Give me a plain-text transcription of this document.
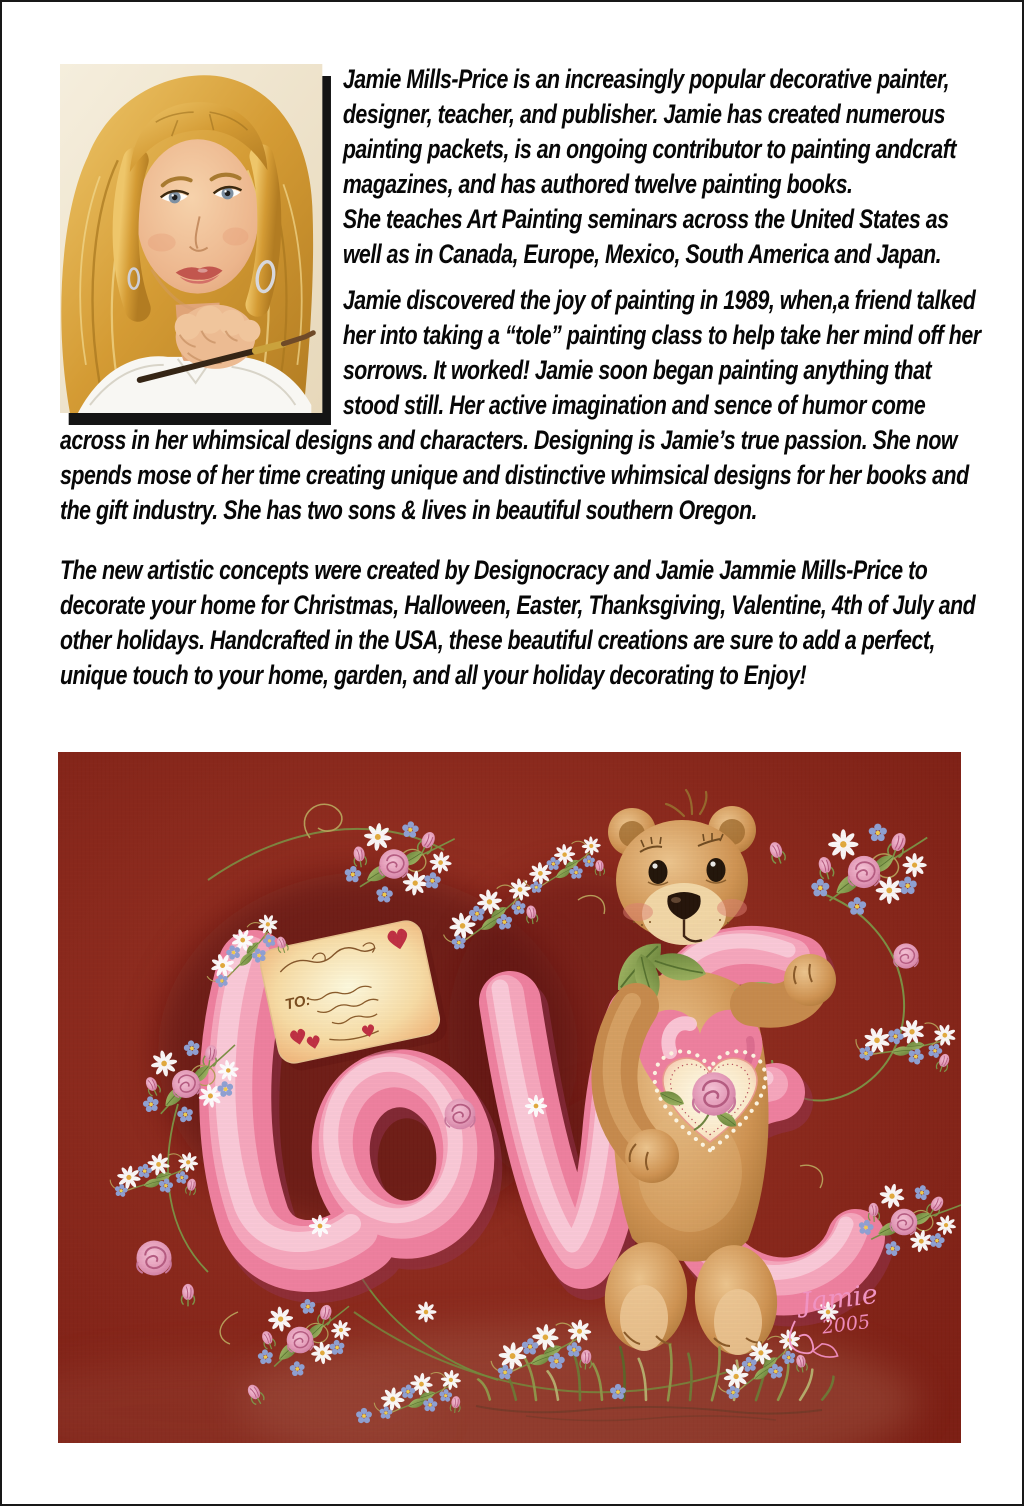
Jamie Mills-Price is an increasingly popular decorative painter, designer, teacher, and publisher. Jamie has created numerous painting packets, is an ongoing contributor to painting andcraft magazines, and has authored twelve painting books.

She teaches Art Painting seminars across the United States as well as in Canada, Europe, Mexico, South America and Japan.

Jamie discovered the joy of painting in 1989, when,a friend talked her into taking a “tole” painting class to help take her mind off her sorrows. It worked! Jamie soon began painting anything that stood still. Her active imagination and sence of humor come across in her whimsical designs and characters. Designing is Jamie’s true passion. She now spends mose of her time creating unique and distinctive whimsical designs for her books and the gift industry. She has two sons & lives in beautiful southern Oregon.

The new artistic concepts were created by Designocracy and Jamie Jammie Mills-Price to decorate your home for Christmas, Halloween, Easter, Thanksgiving, Valentine, 4th of July and other holidays. Handcrafted in the USA, these beautiful creations are sure to add a perfect, unique touch to your home, garden, and all your holiday decorating to Enjoy!
